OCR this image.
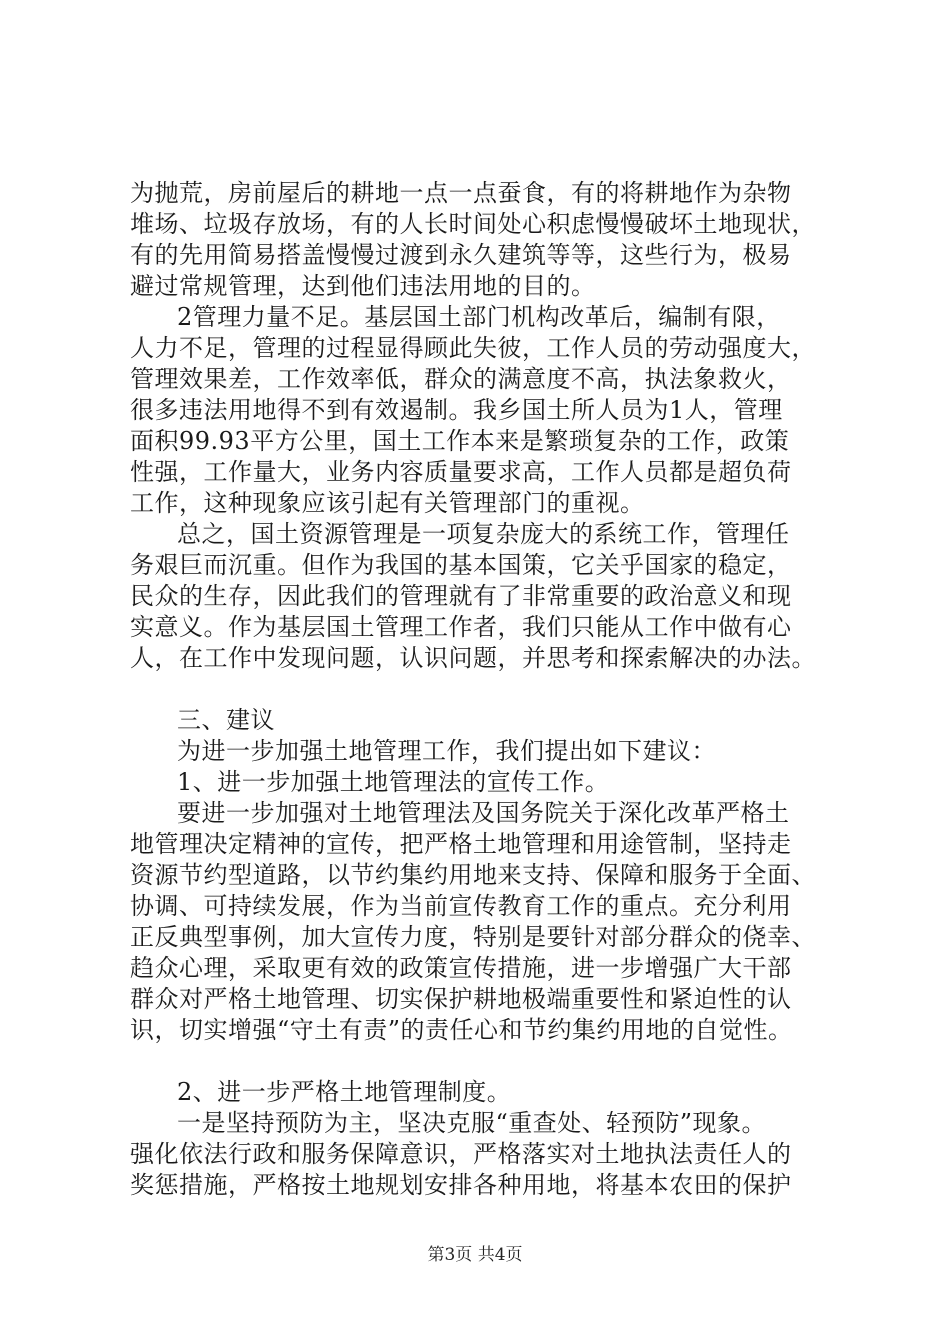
为抛荒，房前屋后的耕地一点一点蚕食，有的将耕地作为杂物
堆场、垃圾存放场，有的人长时间处心积虑慢慢破坏土地现状，
有的先用简易搭盖慢慢过渡到永久建筑等等，这些行为，极易
避过常规管理，达到他们违法用地的目的。
2管理力量不足。基层国土部门机构改革后，编制有限，
人力不足，管理的过程显得顾此失彼，工作人员的劳动强度大，
管理效果差，工作效率低，群众的满意度不高，执法象救火，
很多违法用地得不到有效遏制。我乡国土所人员为1人，管理
面积99.93平方公里，国土工作本来是繁琐复杂的工作，政策
性强，工作量大，业务内容质量要求高，工作人员都是超负荷
工作，这种现象应该引起有关管理部门的重视。
总之，国土资源管理是一项复杂庞大的系统工作，管理任
务艰巨而沉重。但作为我国的基本国策，它关乎国家的稳定，
民众的生存，因此我们的管理就有了非常重要的政治意义和现
实意义。作为基层国土管理工作者，我们只能从工作中做有心
人，在工作中发现问题，认识问题，并思考和探索解决的办法。
三、建议
为进一步加强土地管理工作，我们提出如下建议：
1、进一步加强土地管理法的宣传工作。
要进一步加强对土地管理法及国务院关于深化改革严格土
地管理决定精神的宣传，把严格土地管理和用途管制，坚持走
资源节约型道路，以节约集约用地来支持、保障和服务于全面、
协调、可持续发展，作为当前宣传教育工作的重点。充分利用
正反典型事例，加大宣传力度，特别是要针对部分群众的侥幸、
趋众心理，采取更有效的政策宣传措施，进一步增强广大干部
群众对严格土地管理、切实保护耕地极端重要性和紧迫性的认
识，切实增强“守土有责”的责任心和节约集约用地的自觉性。
2、进一步严格土地管理制度。
一是坚持预防为主，坚决克服“重查处、轻预防”现象。
强化依法行政和服务保障意识，严格落实对土地执法责任人的
奖惩措施，严格按土地规划安排各种用地，将基本农田的保护
第3页 共4页
